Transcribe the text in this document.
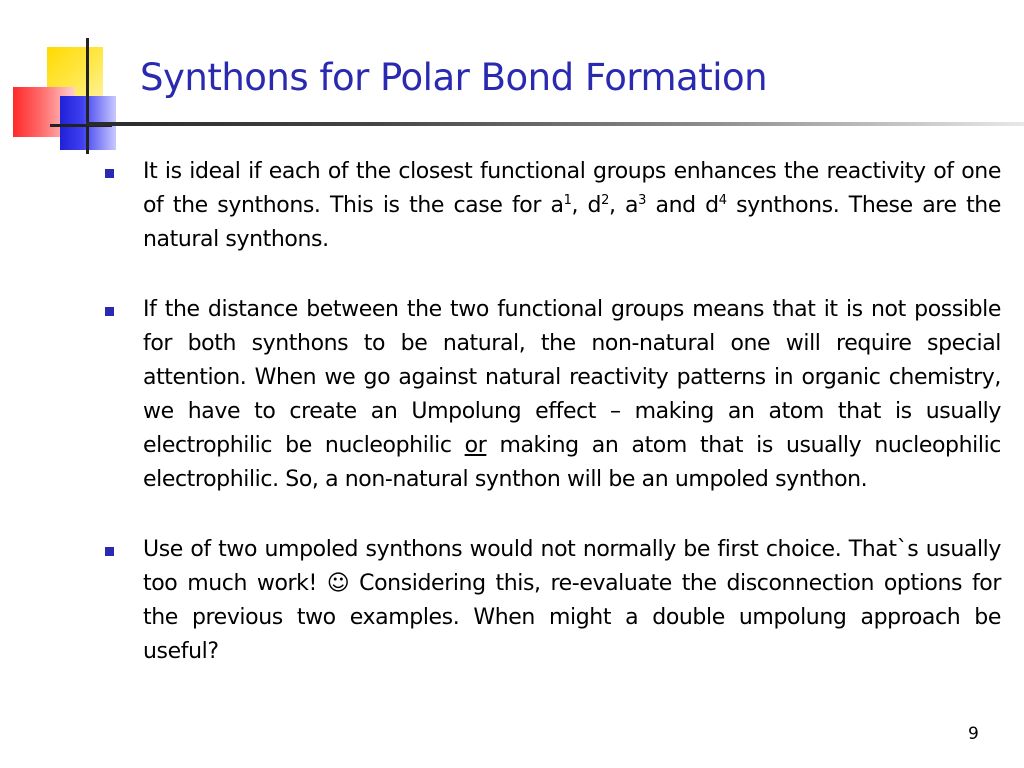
Synthons for Polar Bond Formation

It is ideal if each of the closest functional groups enhances the reactivity of one of the synthons. This is the case for $a^1$, $d^2$, $a^3$ and $d^4$ synthons. These are the natural synthons.

If the distance between the two functional groups means that it is not possible for both synthons to be natural, the non-natural one will require special attention. When we go against natural reactivity patterns in organic chemistry, we have to create an Umpolung effect – making an atom that is usually electrophilic be nucleophilic or making an atom that is usually nucleophilic electrophilic. So, a non-natural synthon will be an umpoled synthon.

Use of two umpoled synthons would not normally be first choice. That`s usually too much work! ☺ Considering this, re-evaluate the disconnection options for the previous two examples. When might a double umpolung approach be useful?

9
